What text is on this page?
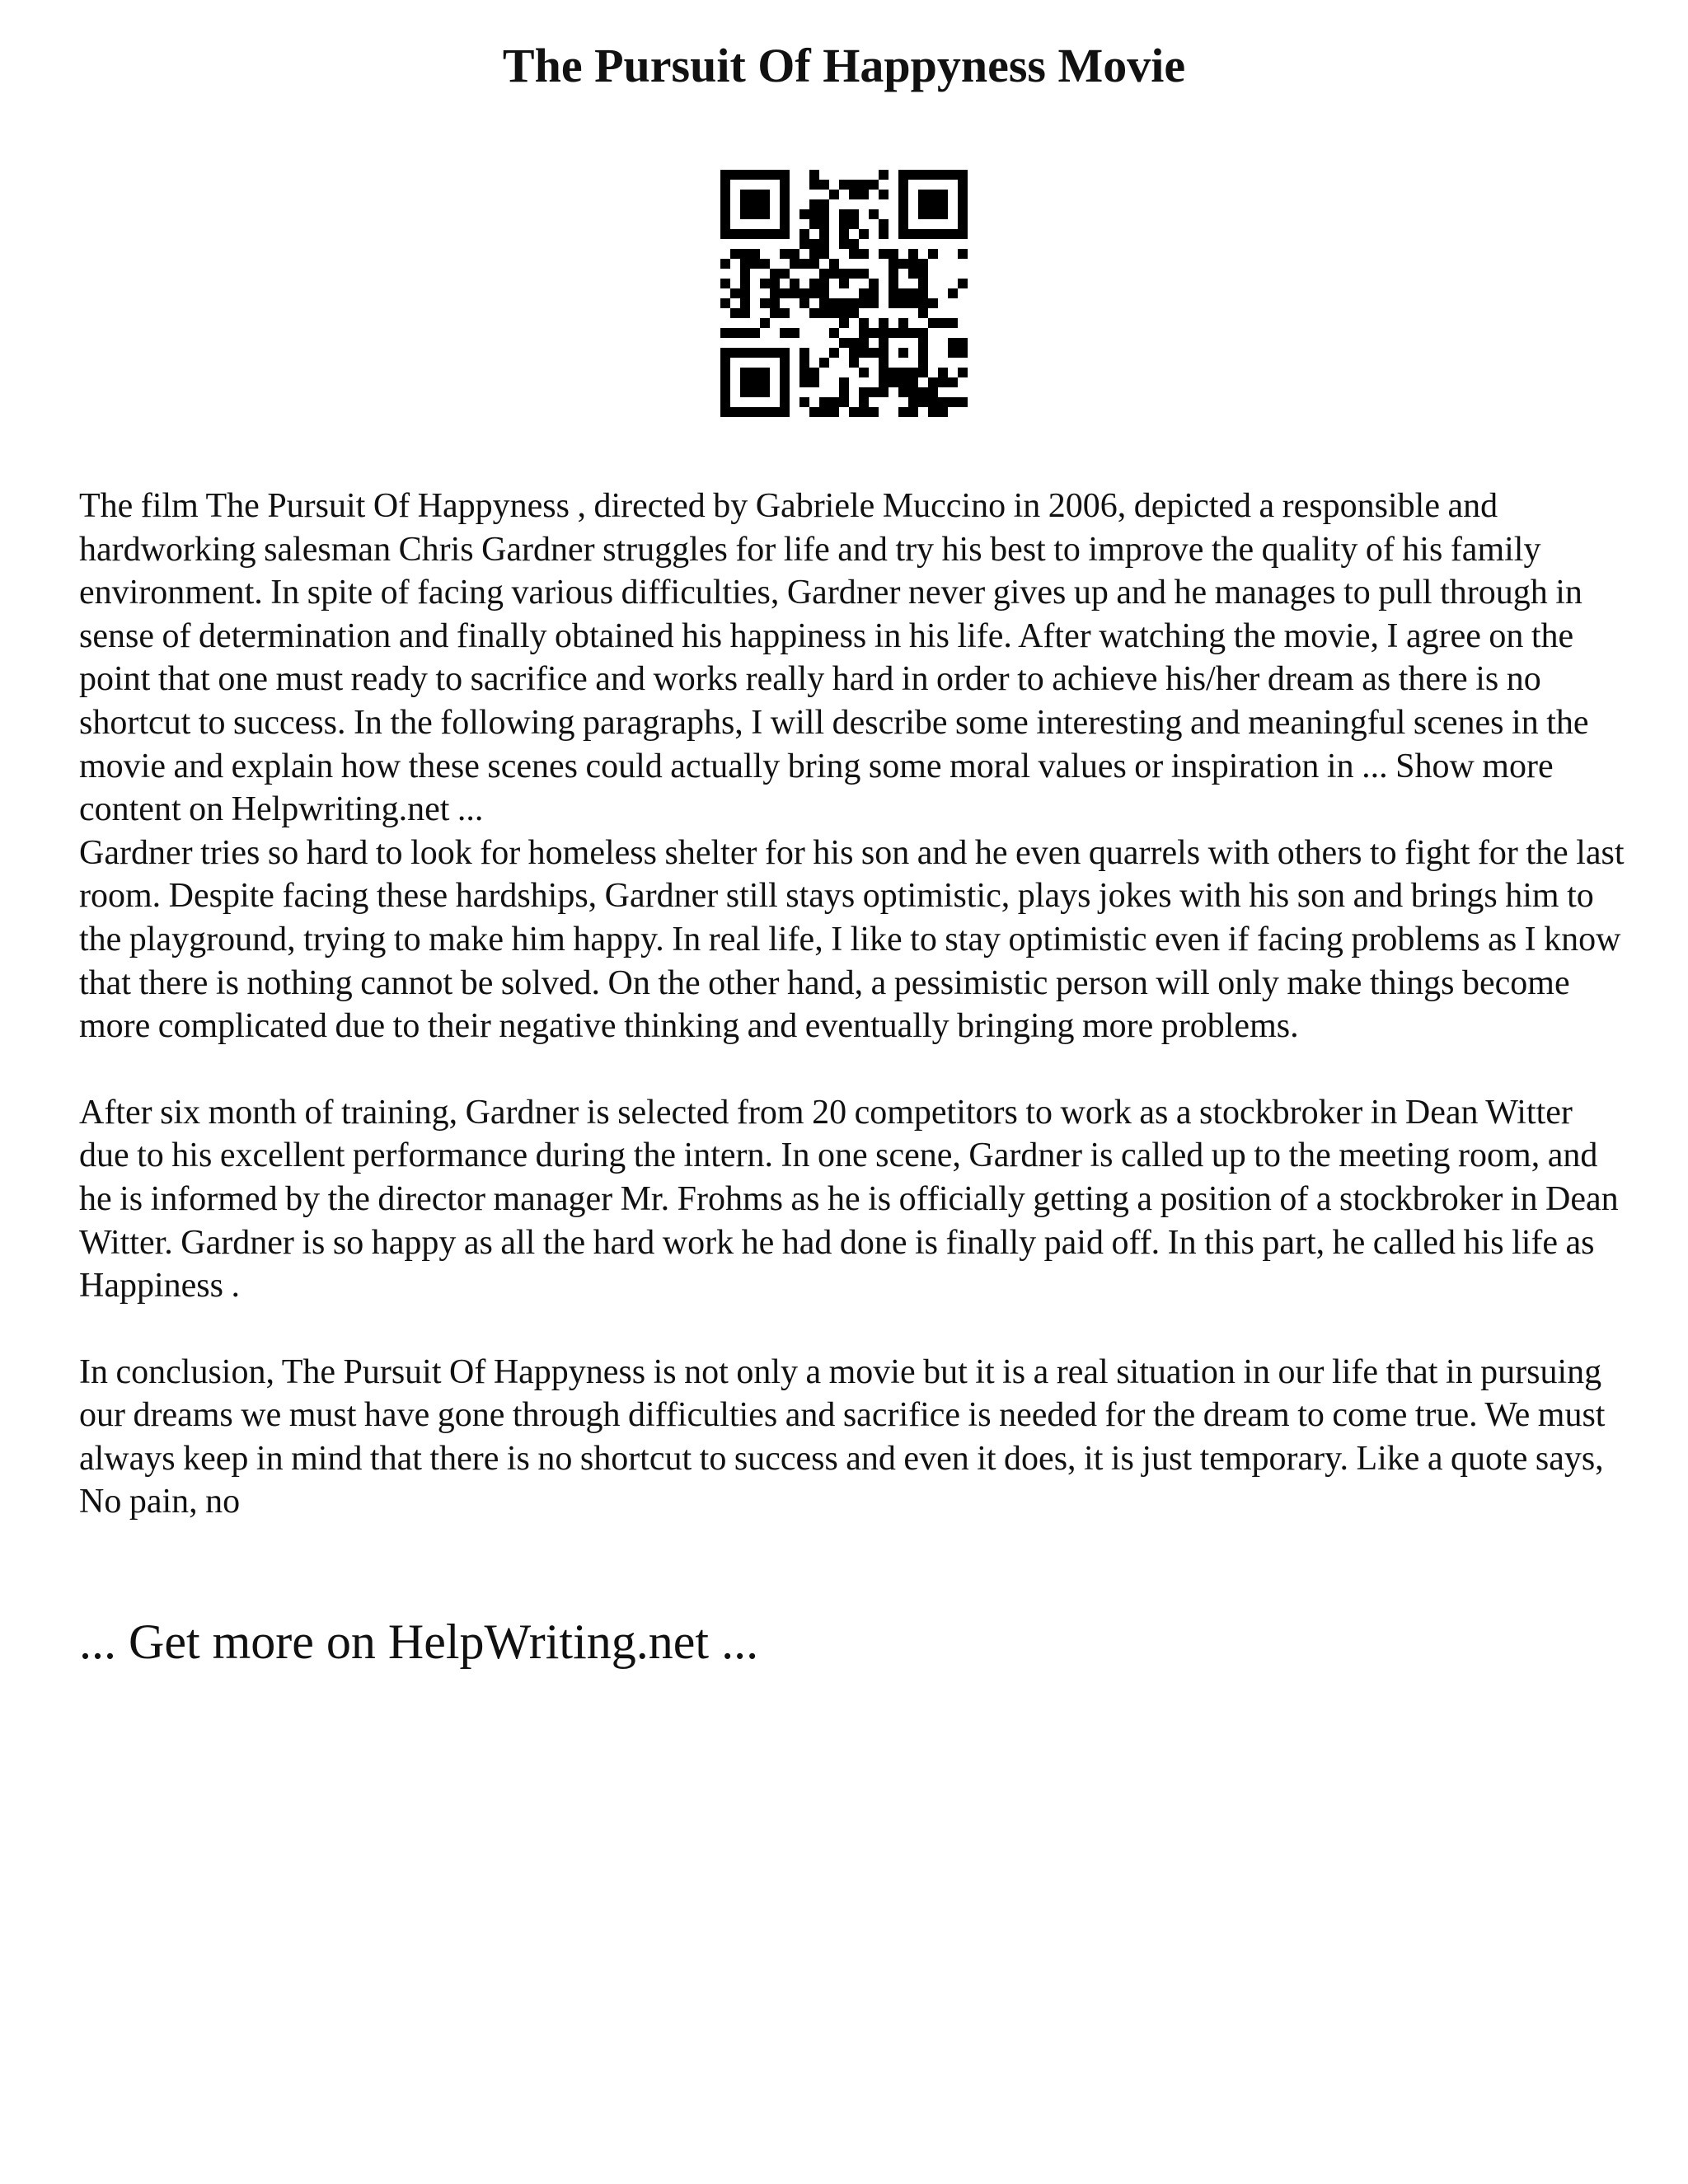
The Pursuit Of Happyness Movie

The film The Pursuit Of Happyness , directed by Gabriele Muccino in 2006, depicted a responsible and hardworking salesman Chris Gardner struggles for life and try his best to improve the quality of his family environment. In spite of facing various difficulties, Gardner never gives up and he manages to pull through in sense of determination and finally obtained his happiness in his life. After watching the movie, I agree on the point that one must ready to sacrifice and works really hard in order to achieve his/her dream as there is no shortcut to success. In the following paragraphs, I will describe some interesting and meaningful scenes in the movie and explain how these scenes could actually bring some moral values or inspiration in ... Show more content on Helpwriting.net ...

Gardner tries so hard to look for homeless shelter for his son and he even quarrels with others to fight for the last room. Despite facing these hardships, Gardner still stays optimistic, plays jokes with his son and brings him to the playground, trying to make him happy. In real life, I like to stay optimistic even if facing problems as I know that there is nothing cannot be solved. On the other hand, a pessimistic person will only make things become more complicated due to their negative thinking and eventually bringing more problems.

After six month of training, Gardner is selected from 20 competitors to work as a stockbroker in Dean Witter due to his excellent performance during the intern. In one scene, Gardner is called up to the meeting room, and he is informed by the director manager Mr. Frohms as he is officially getting a position of a stockbroker in Dean Witter. Gardner is so happy as all the hard work he had done is finally paid off. In this part, he called his life as Happiness .

In conclusion, The Pursuit Of Happyness is not only a movie but it is a real situation in our life that in pursuing our dreams we must have gone through difficulties and sacrifice is needed for the dream to come true. We must always keep in mind that there is no shortcut to success and even it does, it is just temporary. Like a quote says, No pain, no

... Get more on HelpWriting.net ...
